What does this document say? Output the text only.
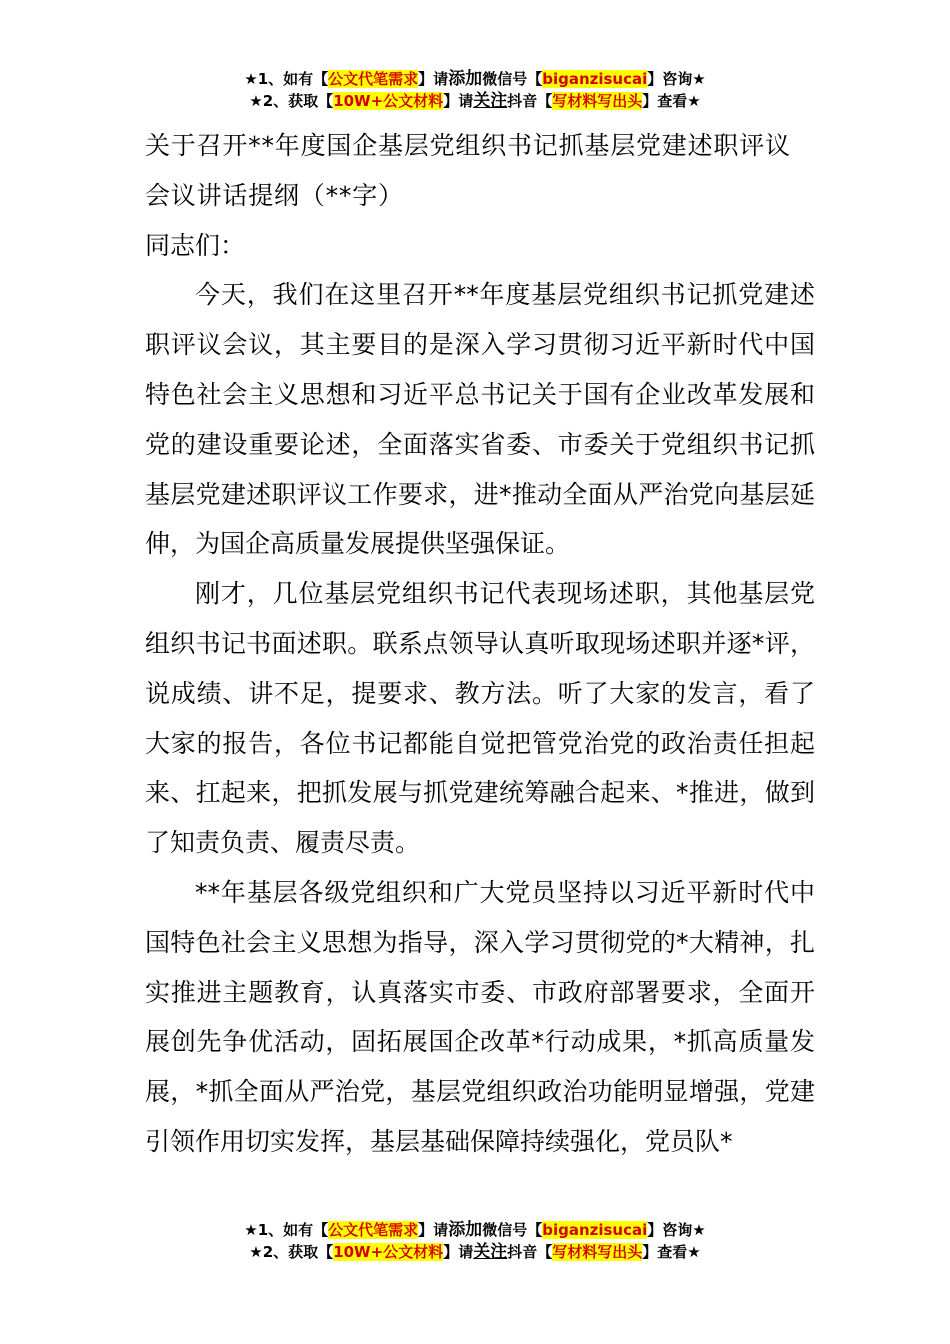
★1、如有【公文代笔需求】请添加微信号【biganzisucai】咨询★
★2、获取【10W+公文材料】请关注抖音【写材料写出头】查看★

关于召开**年度国企基层党组织书记抓基层党建述职评议会议讲话提纲（**字）

同志们：

今天，我们在这里召开**年度基层党组织书记抓党建述职评议会议，其主要目的是深入学习贯彻习近平新时代中国特色社会主义思想和习近平总书记关于国有企业改革发展和党的建设重要论述，全面落实省委、市委关于党组织书记抓基层党建述职评议工作要求，进*推动全面从严治党向基层延伸，为国企高质量发展提供坚强保证。

刚才，几位基层党组织书记代表现场述职，其他基层党组织书记书面述职。联系点领导认真听取现场述职并逐*评，说成绩、讲不足，提要求、教方法。听了大家的发言，看了大家的报告，各位书记都能自觉把管党治党的政治责任担起来、扛起来，把抓发展与抓党建统筹融合起来、*推进，做到了知责负责、履责尽责。

**年基层各级党组织和广大党员坚持以习近平新时代中国特色社会主义思想为指导，深入学习贯彻党的*大精神，扎实推进主题教育，认真落实市委、市政府部署要求，全面开展创先争优活动，固拓展国企改革*行动成果，*抓高质量发展，*抓全面从严治党，基层党组织政治功能明显增强，党建引领作用切实发挥，基层基础保障持续强化，党员队*

★1、如有【公文代笔需求】请添加微信号【biganzisucai】咨询★
★2、获取【10W+公文材料】请关注抖音【写材料写出头】查看★
